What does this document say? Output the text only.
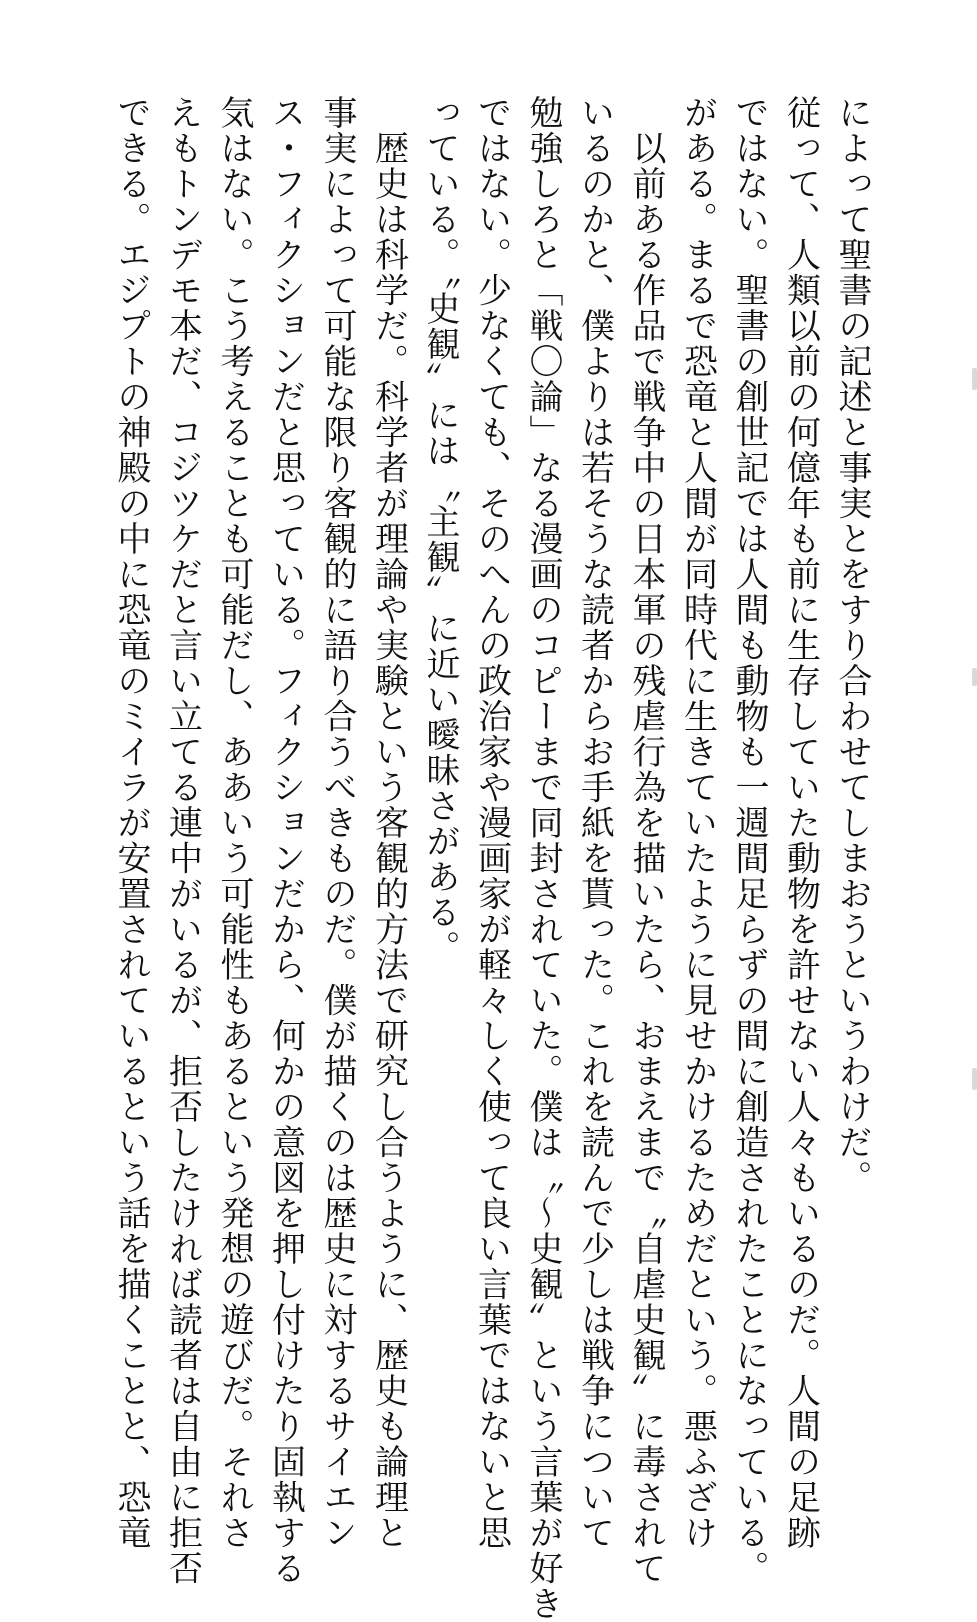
によって聖書の記述と事実とをすり合わせてしまおうというわけだ。
従って、人類以前の何億年も前に生存していた動物を許せない人々もいるのだ。人間の足跡
ではない。聖書の創世記では人間も動物も一週間足らずの間に創造されたことになっている。
がある。まるで恐竜と人間が同時代に生きていたように見せかけるためだという。悪ふざけ
　以前ある作品で戦争中の日本軍の残虐行為を描いたら、おまえまで〝自虐史観〟に毒されて
いるのかと、僕よりは若そうな読者からお手紙を貰った。これを読んで少しは戦争について
勉強しろと「戦〇論」なる漫画のコピーまで同封されていた。僕は〝〜史観〟という言葉が好き
ではない。少なくても、そのへんの政治家や漫画家が軽々しく使って良い言葉ではないと思
っている。〝史観〟には〝主観〟に近い曖昧さがある。
　歴史は科学だ。科学者が理論や実験という客観的方法で研究し合うように、歴史も論理と
事実によって可能な限り客観的に語り合うべきものだ。僕が描くのは歴史に対するサイエン
ス・フィクションだと思っている。フィクションだから、何かの意図を押し付けたり固執する
気はない。こう考えることも可能だし、ああいう可能性もあるという発想の遊びだ。それさ
えもトンデモ本だ、コジツケだと言い立てる連中がいるが、拒否したければ読者は自由に拒否
できる。エジプトの神殿の中に恐竜のミイラが安置されているという話を描くことと、恐竜
